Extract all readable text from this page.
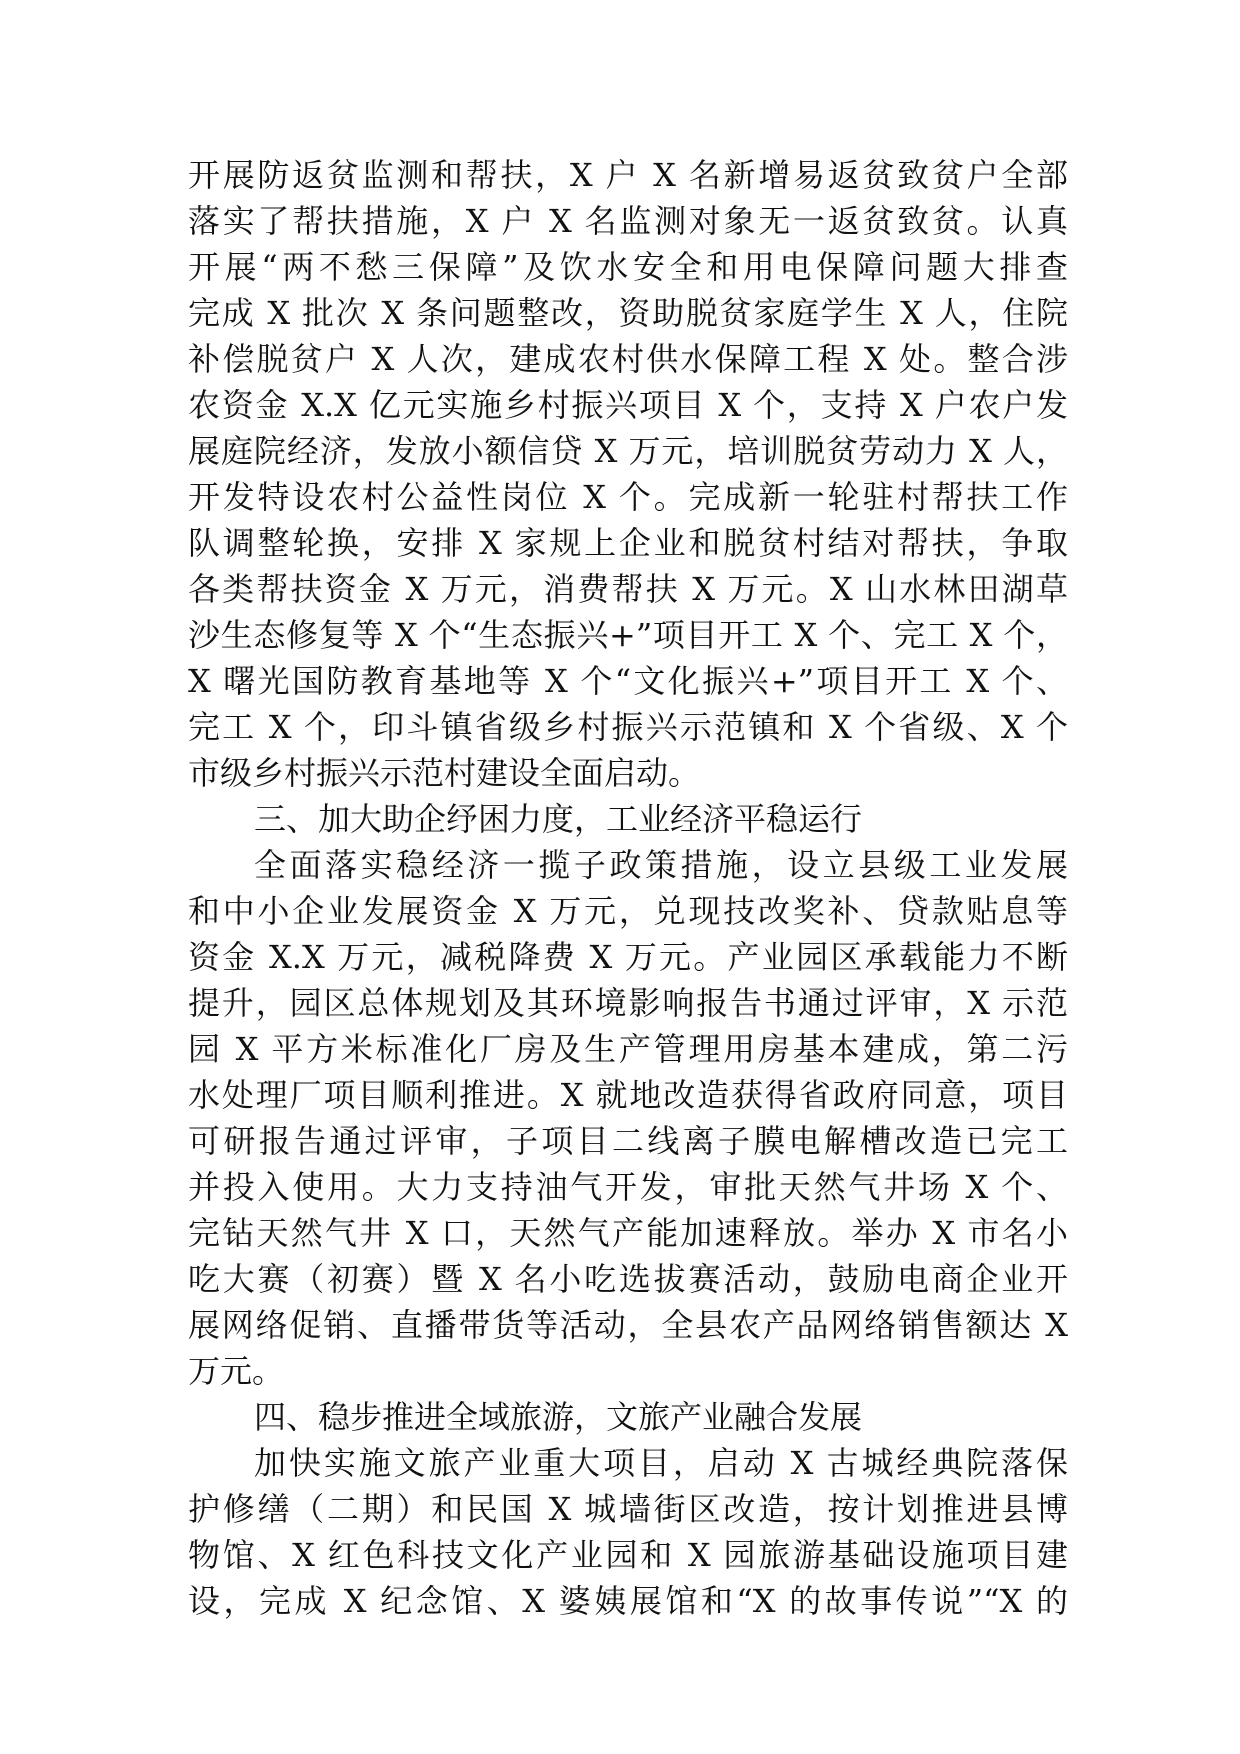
开展防返贫监测和帮扶，X 户 X 名新增易返贫致贫户全部
落实了帮扶措施，X 户 X 名监测对象无一返贫致贫。认真
开展“两不愁三保障”及饮水安全和用电保障问题大排查
完成 X 批次 X 条问题整改，资助脱贫家庭学生 X 人，住院
补偿脱贫户 X 人次，建成农村供水保障工程 X 处。整合涉
农资金 X.X 亿元实施乡村振兴项目 X 个，支持 X 户农户发
展庭院经济，发放小额信贷 X 万元，培训脱贫劳动力 X 人，
开发特设农村公益性岗位 X 个。完成新一轮驻村帮扶工作
队调整轮换，安排 X 家规上企业和脱贫村结对帮扶，争取
各类帮扶资金 X 万元，消费帮扶 X 万元。X 山水林田湖草
沙生态修复等 X 个“生态振兴+”项目开工 X 个、完工 X 个，
X 曙光国防教育基地等 X 个“文化振兴+”项目开工 X 个、
完工 X 个，印斗镇省级乡村振兴示范镇和 X 个省级、X 个
市级乡村振兴示范村建设全面启动。
三、加大助企纾困力度，工业经济平稳运行
全面落实稳经济一揽子政策措施，设立县级工业发展
和中小企业发展资金 X 万元，兑现技改奖补、贷款贴息等
资金 X.X 万元，减税降费 X 万元。产业园区承载能力不断
提升，园区总体规划及其环境影响报告书通过评审，X 示范
园 X 平方米标准化厂房及生产管理用房基本建成，第二污
水处理厂项目顺利推进。X 就地改造获得省政府同意，项目
可研报告通过评审，子项目二线离子膜电解槽改造已完工
并投入使用。大力支持油气开发，审批天然气井场 X 个、
完钻天然气井 X 口，天然气产能加速释放。举办 X 市名小
吃大赛（初赛）暨 X 名小吃选拔赛活动，鼓励电商企业开
展网络促销、直播带货等活动，全县农产品网络销售额达 X
万元。
四、稳步推进全域旅游，文旅产业融合发展
加快实施文旅产业重大项目，启动 X 古城经典院落保
护修缮（二期）和民国 X 城墙街区改造，按计划推进县博
物馆、X 红色科技文化产业园和 X 园旅游基础设施项目建
设，完成 X 纪念馆、X 婆姨展馆和“X 的故事传说”“X 的
